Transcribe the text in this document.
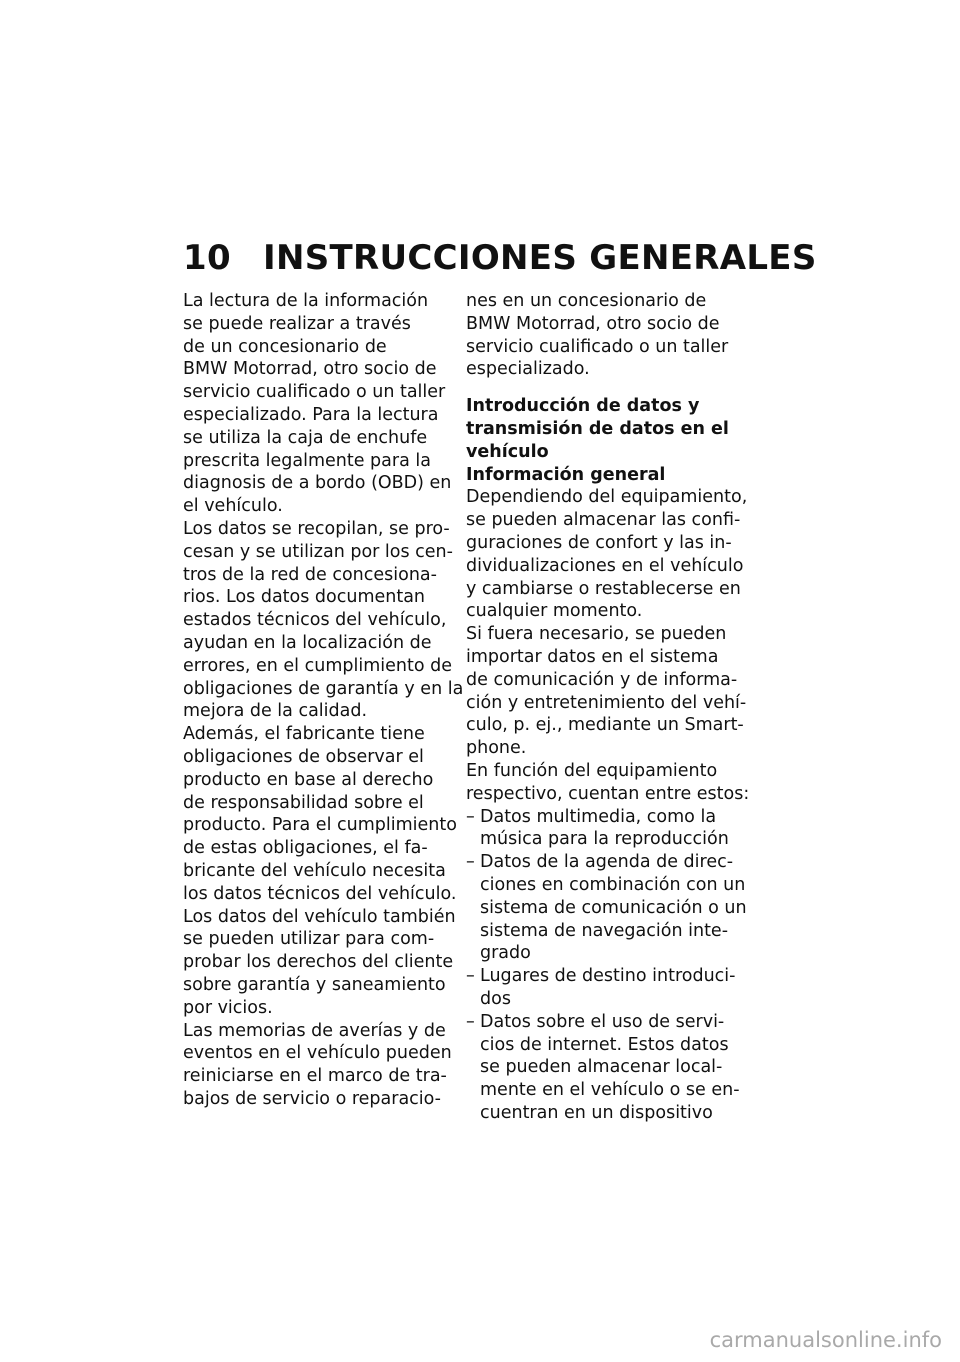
10 INSTRUCCIONES GENERALES

La lectura de la información
se puede realizar a través
de un concesionario de
BMW Motorrad, otro socio de
servicio cualificado o un taller
especializado. Para la lectura
se utiliza la caja de enchufe
prescrita legalmente para la
diagnosis de a bordo (OBD) en
el vehículo.

Los datos se recopilan, se pro-
cesan y se utilizan por los cen-
tros de la red de concesiona-
rios. Los datos documentan
estados técnicos del vehículo,
ayudan en la localización de
errores, en el cumplimiento de
obligaciones de garantía y en la
mejora de la calidad.

Además, el fabricante tiene
obligaciones de observar el
producto en base al derecho
de responsabilidad sobre el
producto. Para el cumplimiento
de estas obligaciones, el fa-
bricante del vehículo necesita
los datos técnicos del vehículo.
Los datos del vehículo también
se pueden utilizar para com-
probar los derechos del cliente
sobre garantía y saneamiento
por vicios.

Las memorias de averías y de
eventos en el vehículo pueden
reiniciarse en el marco de tra-
bajos de servicio o reparacio-

nes en un concesionario de
BMW Motorrad, otro socio de
servicio cualificado o un taller
especializado.
Introducción de datos y
transmisión de datos en el
vehículo
Información general

Dependiendo del equipamiento,
se pueden almacenar las confi-
guraciones de confort y las in-
dividualizaciones en el vehículo
y cambiarse o restablecerse en
cualquier momento.

Si fuera necesario, se pueden
importar datos en el sistema
de comunicación y de informa-
ción y entretenimiento del vehí-
culo, p. ej., mediante un Smart-
phone.

En función del equipamiento
respectivo, cuentan entre estos:

– Datos multimedia, como la
música para la reproducción
– Datos de la agenda de direc-
ciones en combinación con un
sistema de comunicación o un
sistema de navegación inte-
grado
– Lugares de destino introduci-
dos
– Datos sobre el uso de servi-
cios de internet. Estos datos
se pueden almacenar local-
mente en el vehículo o se en-
cuentran en un dispositivo
carmanualsonline.info
